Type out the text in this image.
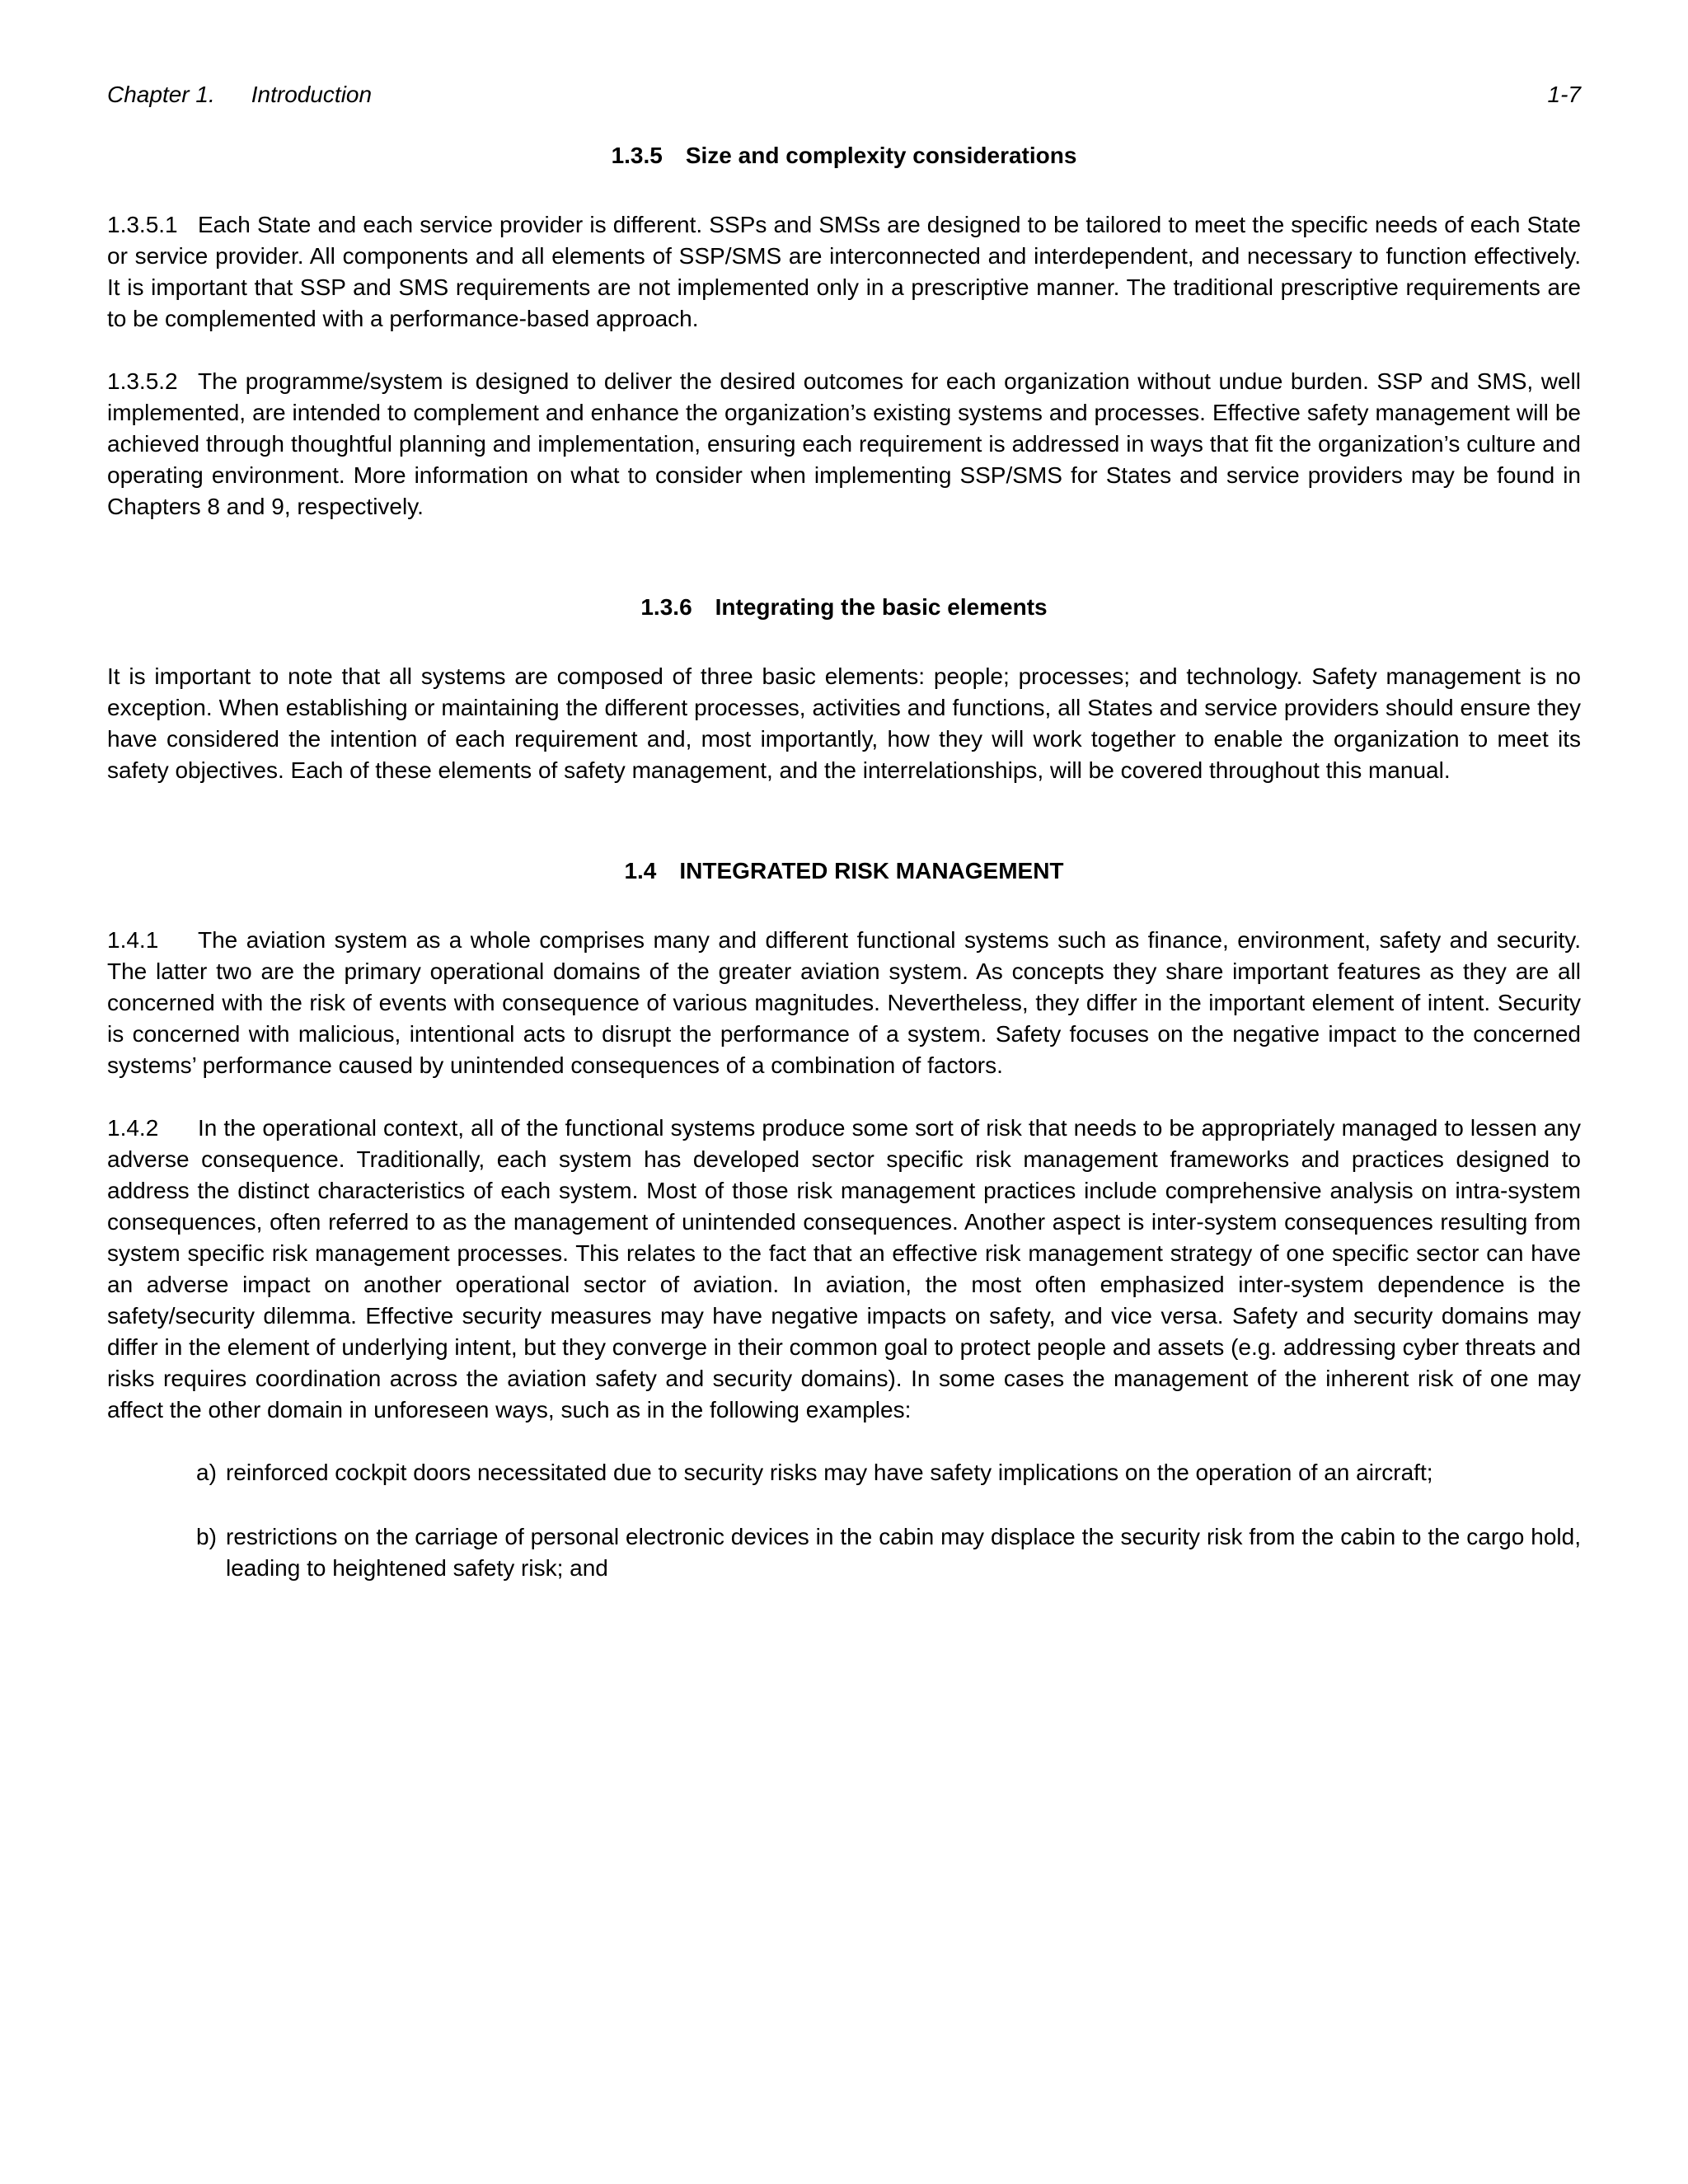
Chapter 1. Introduction	1-7
1.3.5 Size and complexity considerations

1.3.5.1 Each State and each service provider is different. SSPs and SMSs are designed to be tailored to meet the specific needs of each State or service provider. All components and all elements of SSP/SMS are interconnected and interdependent, and necessary to function effectively. It is important that SSP and SMS requirements are not implemented only in a prescriptive manner. The traditional prescriptive requirements are to be complemented with a performance-based approach.

1.3.5.2 The programme/system is designed to deliver the desired outcomes for each organization without undue burden. SSP and SMS, well implemented, are intended to complement and enhance the organization’s existing systems and processes. Effective safety management will be achieved through thoughtful planning and implementation, ensuring each requirement is addressed in ways that fit the organization’s culture and operating environment. More information on what to consider when implementing SSP/SMS for States and service providers may be found in Chapters 8 and 9, respectively.

1.3.6 Integrating the basic elements

It is important to note that all systems are composed of three basic elements: people; processes; and technology. Safety management is no exception. When establishing or maintaining the different processes, activities and functions, all States and service providers should ensure they have considered the intention of each requirement and, most importantly, how they will work together to enable the organization to meet its safety objectives. Each of these elements of safety management, and the interrelationships, will be covered throughout this manual.

1.4 INTEGRATED RISK MANAGEMENT

1.4.1 The aviation system as a whole comprises many and different functional systems such as finance, environment, safety and security. The latter two are the primary operational domains of the greater aviation system. As concepts they share important features as they are all concerned with the risk of events with consequence of various magnitudes. Nevertheless, they differ in the important element of intent. Security is concerned with malicious, intentional acts to disrupt the performance of a system. Safety focuses on the negative impact to the concerned systems’ performance caused by unintended consequences of a combination of factors.

1.4.2 In the operational context, all of the functional systems produce some sort of risk that needs to be appropriately managed to lessen any adverse consequence. Traditionally, each system has developed sector specific risk management frameworks and practices designed to address the distinct characteristics of each system. Most of those risk management practices include comprehensive analysis on intra-system consequences, often referred to as the management of unintended consequences. Another aspect is inter-system consequences resulting from system specific risk management processes. This relates to the fact that an effective risk management strategy of one specific sector can have an adverse impact on another operational sector of aviation. In aviation, the most often emphasized inter-system dependence is the safety/security dilemma. Effective security measures may have negative impacts on safety, and vice versa. Safety and security domains may differ in the element of underlying intent, but they converge in their common goal to protect people and assets (e.g. addressing cyber threats and risks requires coordination across the aviation safety and security domains). In some cases the management of the inherent risk of one may affect the other domain in unforeseen ways, such as in the following examples:

a) reinforced cockpit doors necessitated due to security risks may have safety implications on the operation of an aircraft;
b) restrictions on the carriage of personal electronic devices in the cabin may displace the security risk from the cabin to the cargo hold, leading to heightened safety risk; and
